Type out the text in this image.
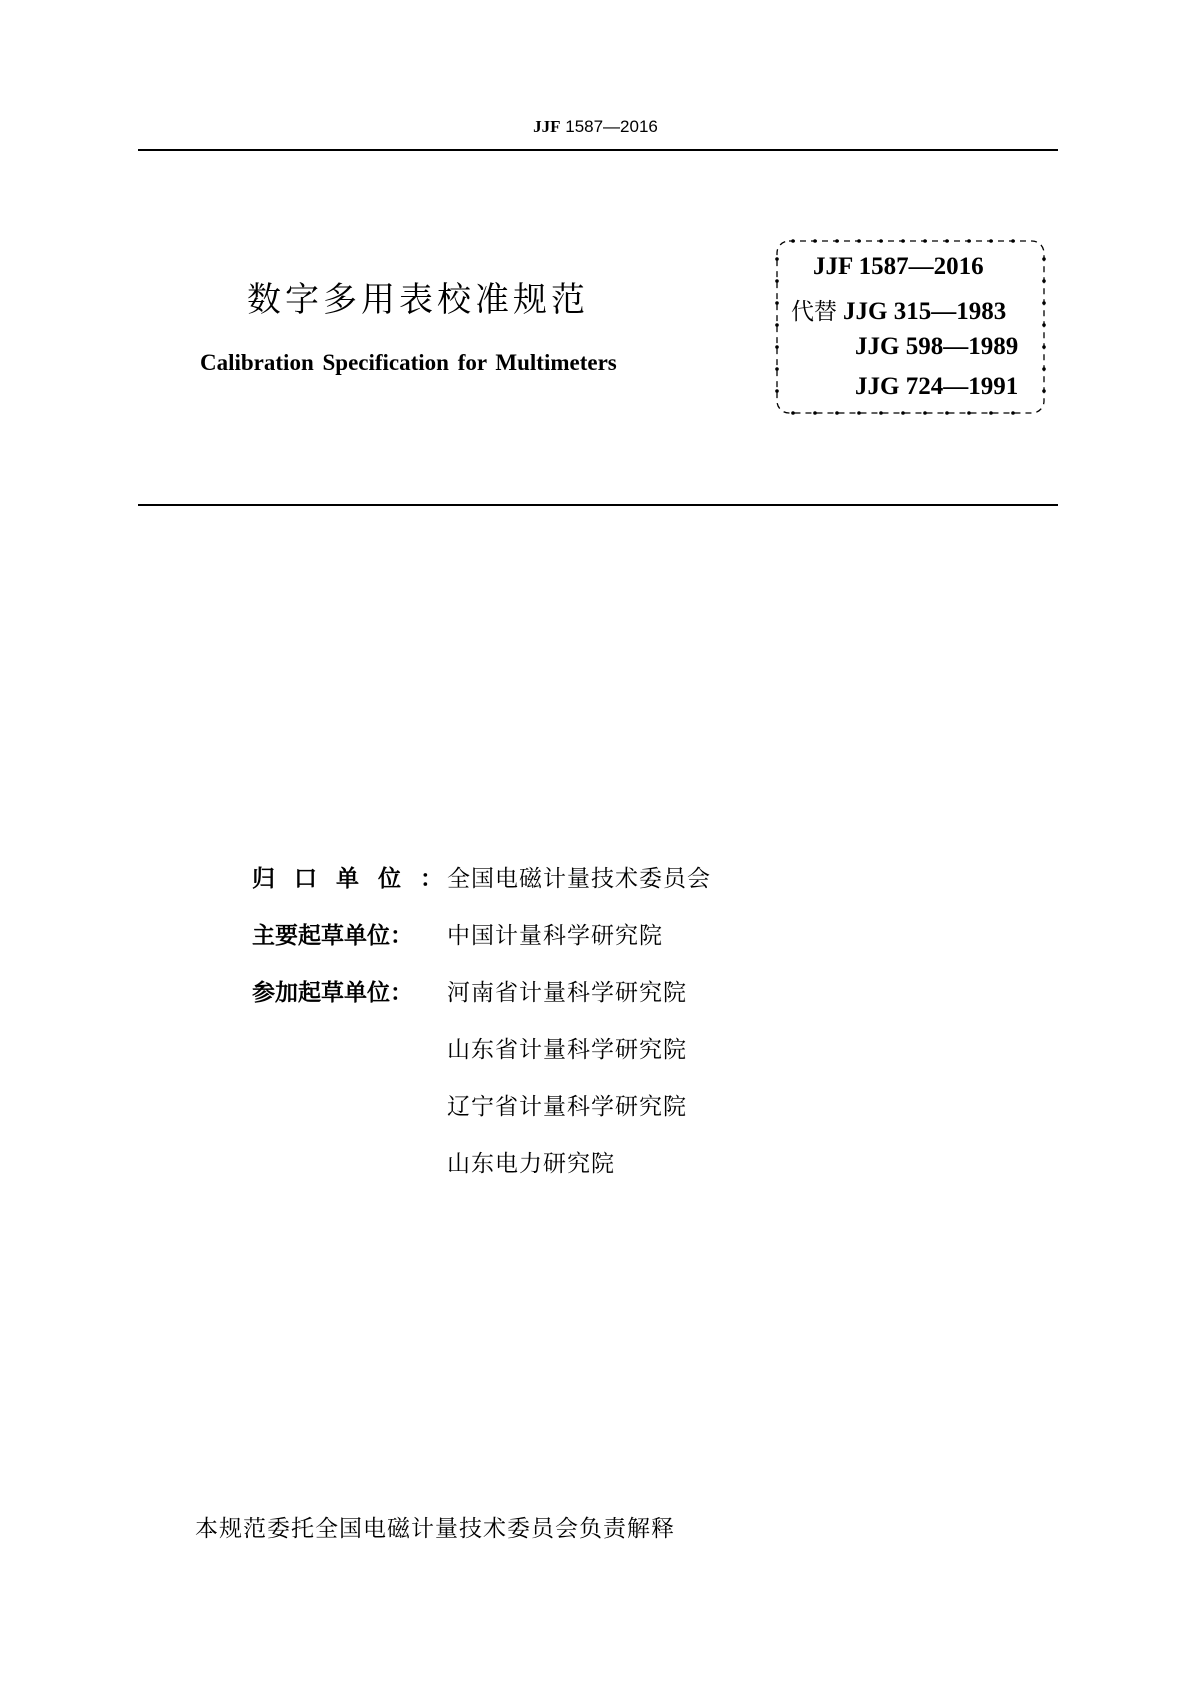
JJF 1587—2016
数字多用表校准规范
Calibration Specification for Multimeters
JJF 1587—2016
代替 JJG 315—1983
JJG 598—1989
JJG 724—1991
归口单位：全国电磁计量技术委员会
主要起草单位： 中国计量科学研究院
参加起草单位： 河南省计量科学研究院
山东省计量科学研究院
辽宁省计量科学研究院
山东电力研究院
本规范委托全国电磁计量技术委员会负责解释
